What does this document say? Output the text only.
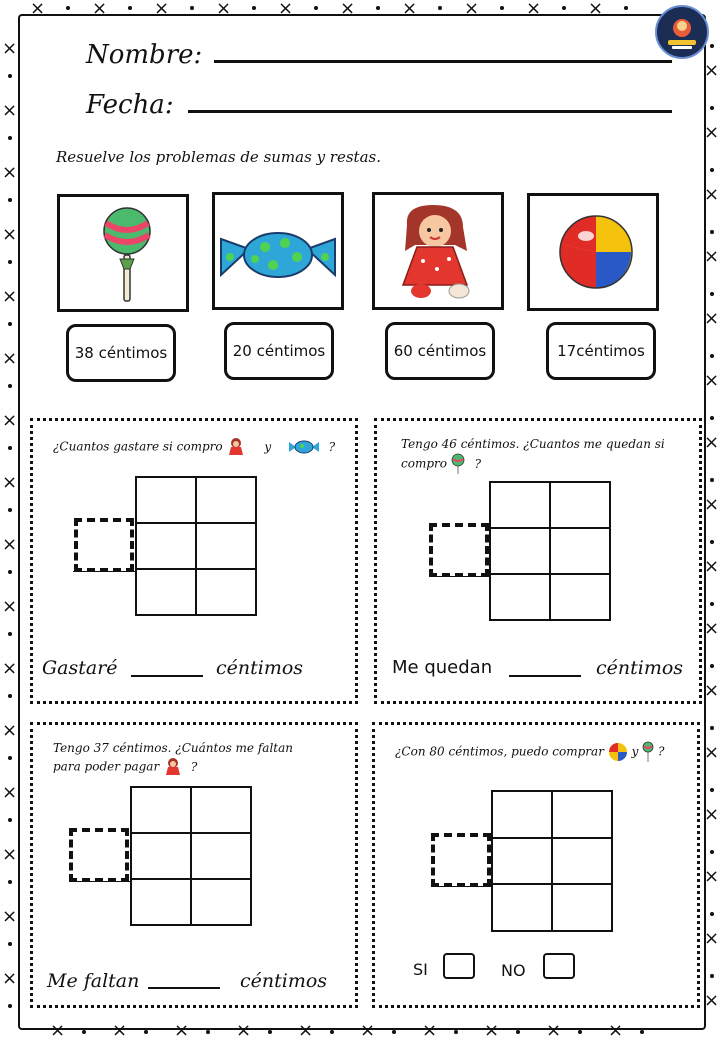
×
×
×
×
×
×
×
×
×
×
×
×
×
×
×
×
×
×
×
×
×
×
×
×
×
×
×
×
×
×
×
×
×
×
×
×
×
×
×
×
×
×
×
×
×
×
×
×
×
×
×
×
Nombre:
Fecha:
Resuelve los problemas de sumas y restas.
38 céntimos	20 céntimos	60 céntimos	17céntimos
¿Cuantos gastare si compro	y	?
Gastaré	céntimos
Tengo 46 céntimos. ¿Cuantos me quedan si
compro ?
Me quedan	céntimos
Tengo 37 céntimos. ¿Cuántos me faltan
para poder pagar	?
Me faltan	céntimos
¿Con 80 céntimos, puedo comprar y ?
SI	NO
